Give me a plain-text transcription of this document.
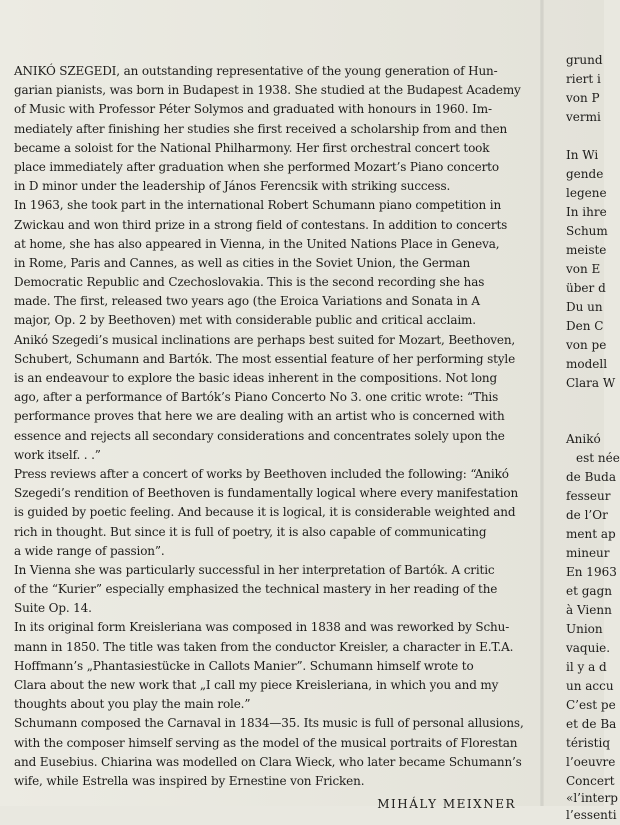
ANIKÓ SZEGEDI, an outstanding representative of the young generation of Hun-
garian pianists, was born in Budapest in 1938. She studied at the Budapest Academy
of Music with Professor Péter Solymos and graduated with honours in 1960. Im-
mediately after finishing her studies she first received a scholarship from and then
became a soloist for the National Philharmony. Her first orchestral concert took
place immediately after graduation when she performed Mozart’s Piano concerto
in D minor under the leadership of János Ferencsik with striking success.
In 1963, she took part in the international Robert Schumann piano competition in
Zwickau and won third prize in a strong field of contestans. In addition to concerts
at home, she has also appeared in Vienna, in the United Nations Place in Geneva,
in Rome, Paris and Cannes, as well as cities in the Soviet Union, the German
Democratic Republic and Czechoslovakia. This is the second recording she has
made. The first, released two years ago (the Eroica Variations and Sonata in A
major, Op. 2 by Beethoven) met with considerable public and critical acclaim.
Anikó Szegedi’s musical inclinations are perhaps best suited for Mozart, Beethoven,
Schubert, Schumann and Bartók. The most essential feature of her performing style
is an endeavour to explore the basic ideas inherent in the compositions. Not long
ago, after a performance of Bartók’s Piano Concerto No 3. one critic wrote: “This
performance proves that here we are dealing with an artist who is concerned with
essence and rejects all secondary considerations and concentrates solely upon the
work itself. . .”
Press reviews after a concert of works by Beethoven included the following: “Anikó
Szegedi’s rendition of Beethoven is fundamentally logical where every manifestation
is guided by poetic feeling. And because it is logical, it is considerable weighted and
rich in thought. But since it is full of poetry, it is also capable of communicating
a wide range of passion”.
In Vienna she was particularly successful in her interpretation of Bartók. A critic
of the “Kurier” especially emphasized the technical mastery in her reading of the
Suite Op. 14.
In its original form Kreisleriana was composed in 1838 and was reworked by Schu-
mann in 1850. The title was taken from the conductor Kreisler, a character in E.T.A.
Hoffmann’s „Phantasiestücke in Callots Manier”. Schumann himself wrote to
Clara about the new work that „I call my piece Kreisleriana, in which you and my
thoughts about you play the main role.”
Schumann composed the Carnaval in 1834—35. Its music is full of personal allusions,
with the composer himself serving as the model of the musical portraits of Florestan
and Eusebius. Chiarina was modelled on Clara Wieck, who later became Schumann’s
wife, while Estrella was inspired by Ernestine von Fricken.
MIHÁLY MEIXNER
grund
riert i
von P
vermi
In Wi
gende
legene
In ihre
Schum
meiste
von E
über d
Du un
Den C
von pe
modell
Clara W
Anikó
est née
de Buda
fesseur
de l’Or
ment ap
mineur
En 1963
et gagn
à Vienn
Union
vaquie.
il y a d
un accu
C’est pe
et de Ba
téristiq
l’oeuvre
Concert
«l’interp
l’essenti
